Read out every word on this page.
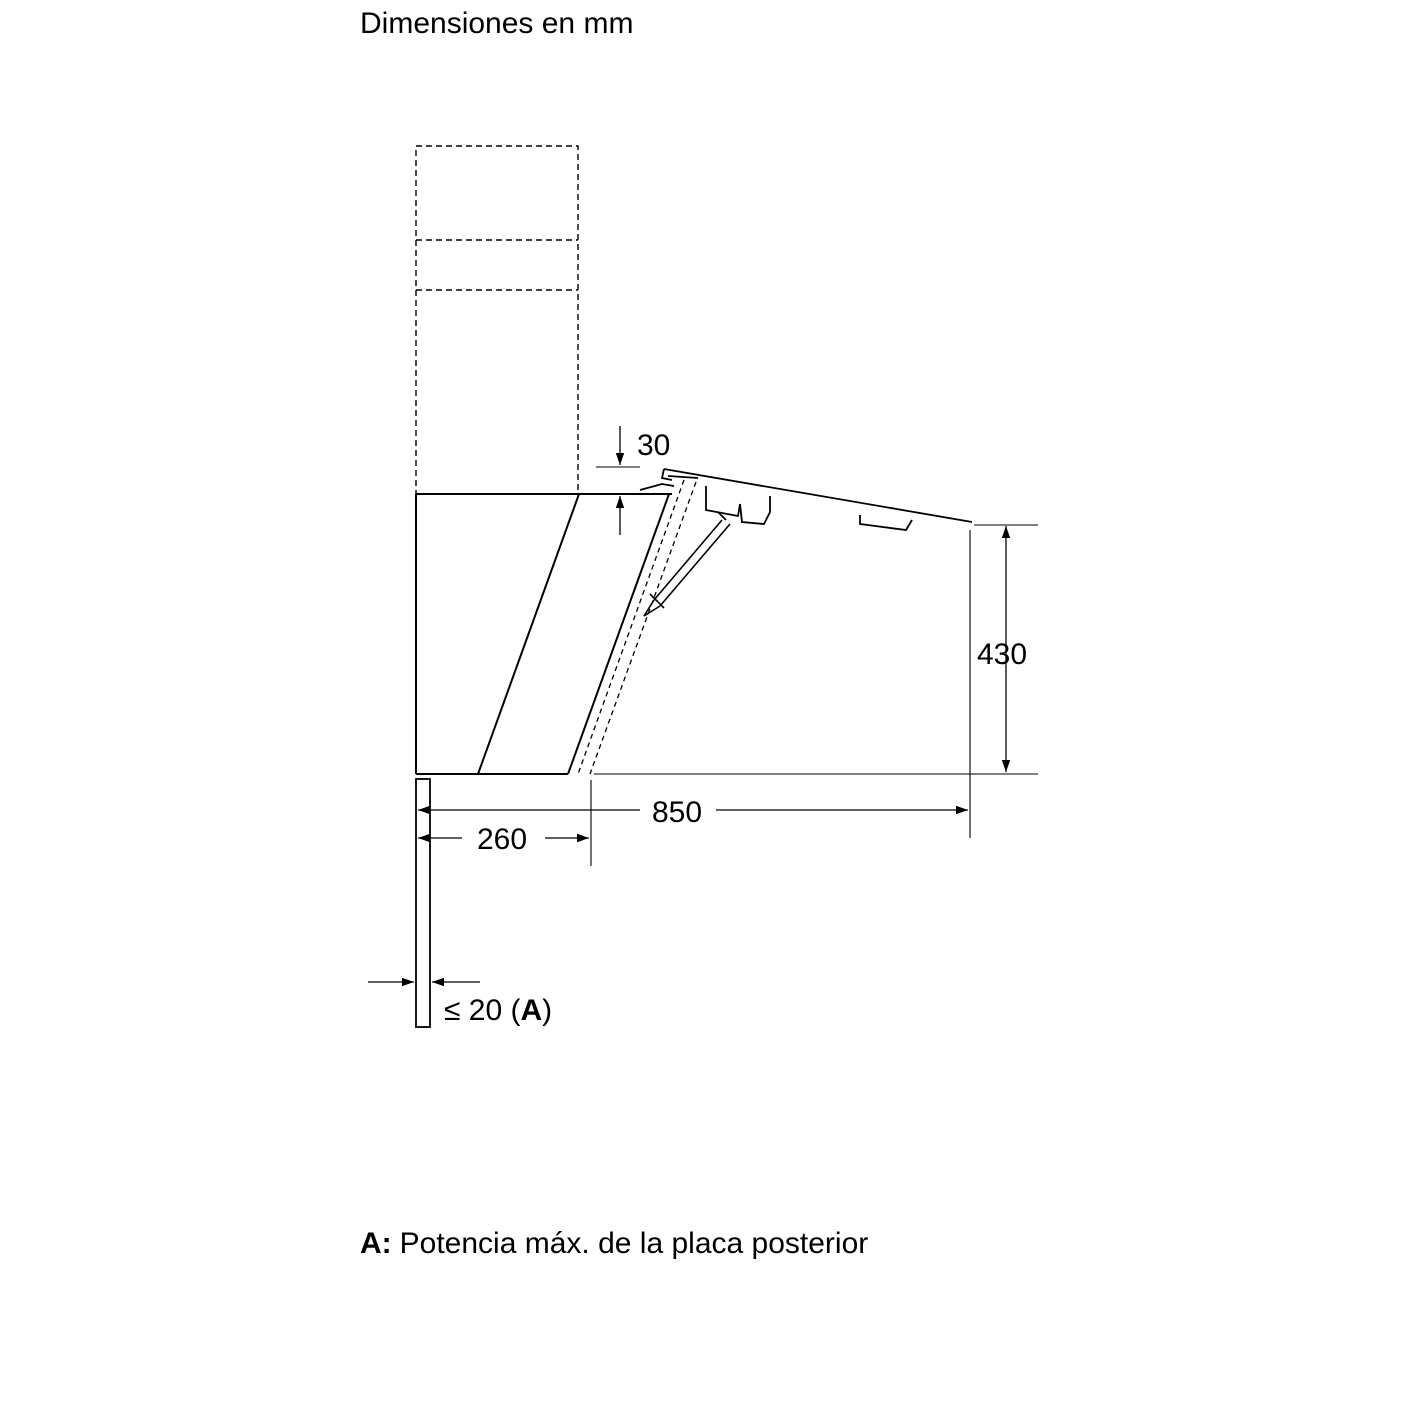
Dimensiones en mm
30
430
850
260
≤ 20 (A)
A: Potencia máx. de la placa posterior
